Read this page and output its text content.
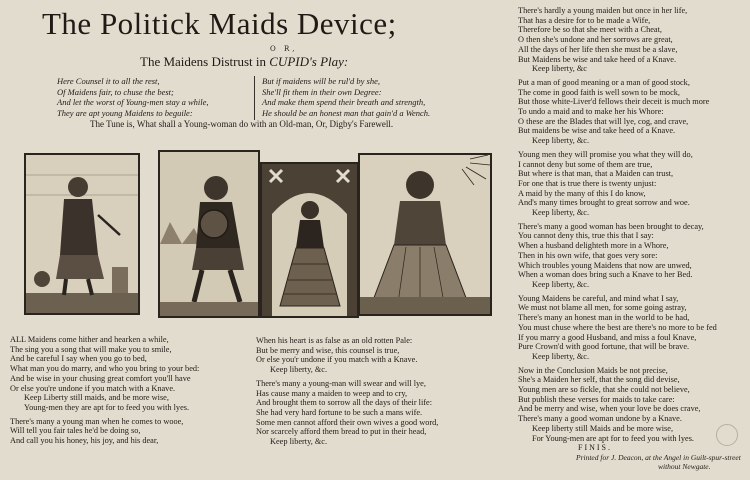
The Politick Maids Device;
O R,
The Maidens Distrust in CUPID's Play:
Here Counsel it to all the rest,
Of Maidens fair, to chuse the best;
And let the worst of Young-men stay a while,
They are apt young Maidens to beguile:
But if maidens will be rul'd by she,
She'll fit them in their own Degree:
And make them spend their breath and strength,
He should be an honest man that gain'd a Wench.
The Tune is, What shall a Young-woman do with an Old-man, Or, Digby's Farewell.

ALL Maidens come hither and hearken a while,
The sing you a song that will make you to smile,
And be careful I say when you go to bed,
What man you do marry, and who you bring to your bed:
And be wise in your chusing great comfort you'll have
Or else you're undone if you match with a Knave.

Keep Liberty still maids, and be more wise,
Young-men they are apt for to feed you with lyes.

There's many a young man when he comes to wooe,
Will tell you fair tales he'd be doing so,
And call you his honey, his joy, and his dear,

When his heart is as false as an old rotten Pale:
But be merry and wise, this counsel is true,
Or else you'r undone if you match with a Knave.

Keep liberty, &c.

There's many a young-man will swear and will lye,
Has cause many a maiden to weep and to cry,
And brought them to sorrow all the days of their life:
She had very hard fortune to be such a mans wife.
Some men cannot afford their own wives a good word,
Nor scarcely afford them bread to put in their head,

Keep liberty, &c.

There's hardly a young maiden but once in her life,
That has a desire for to be made a Wife,
Therefore be so that she meet with a Cheat,
O then she's undone and her sorrows are great,
All the days of her life then she must be a slave,
But Maidens be wise and take heed of a Knave.

Keep liberty, &c

Put a man of good meaning or a man of good stock,
The come in good faith is well sown to be mock,
But those white-Liver'd fellows their deceit is much more
To undo a maid and to make her his Whore:
O these are the Blades that will lye, cog, and crave,
But maidens be wise and take heed of a Knave.

Keep liberty, &c.

Young men they will promise you what they will do,
I cannot deny but some of them are true,
But where is that man, that a Maiden can trust,
For one that is true there is twenty unjust:
A maid by the many of this I do know,
And's many times brought to great sorrow and woe.

Keep liberty, &c.

There's many a good woman has been brought to decay,
You cannot deny this, true this that I say:
When a husband delighteth more in a Whore,
Then in his own wife, that goes very sore:
Which troubles young Maidens that now are unwed,
When a woman does bring such a Knave to her Bed.

Keep liberty, &c.

Young Maidens be careful, and mind what I say,
We must not blame all men, for some going astray,
There's many an honest man in the world to be had,
You must chuse where the best are there's no more to be fed
If you marry a good Husband, and miss a foul Knave,
Pure Crown'd with good fortune, that will be brave.

Keep liberty, &c.

Now in the Conclusion Maids be not precise,
She's a Maiden her self, that the song did devise,
Young men are so fickle, that she could not believe,
But publish these verses for maids to take care:
And be merry and wise, when your love be does crave,
There's many a good woman undone by a Knave.

Keep liberty still Maids and be more wise,
For Young-men are apt for to feed you with lyes.
FINIS.
Printed for J. Deacon, at the Angel in Guilt-spur-street
without Newgate.
